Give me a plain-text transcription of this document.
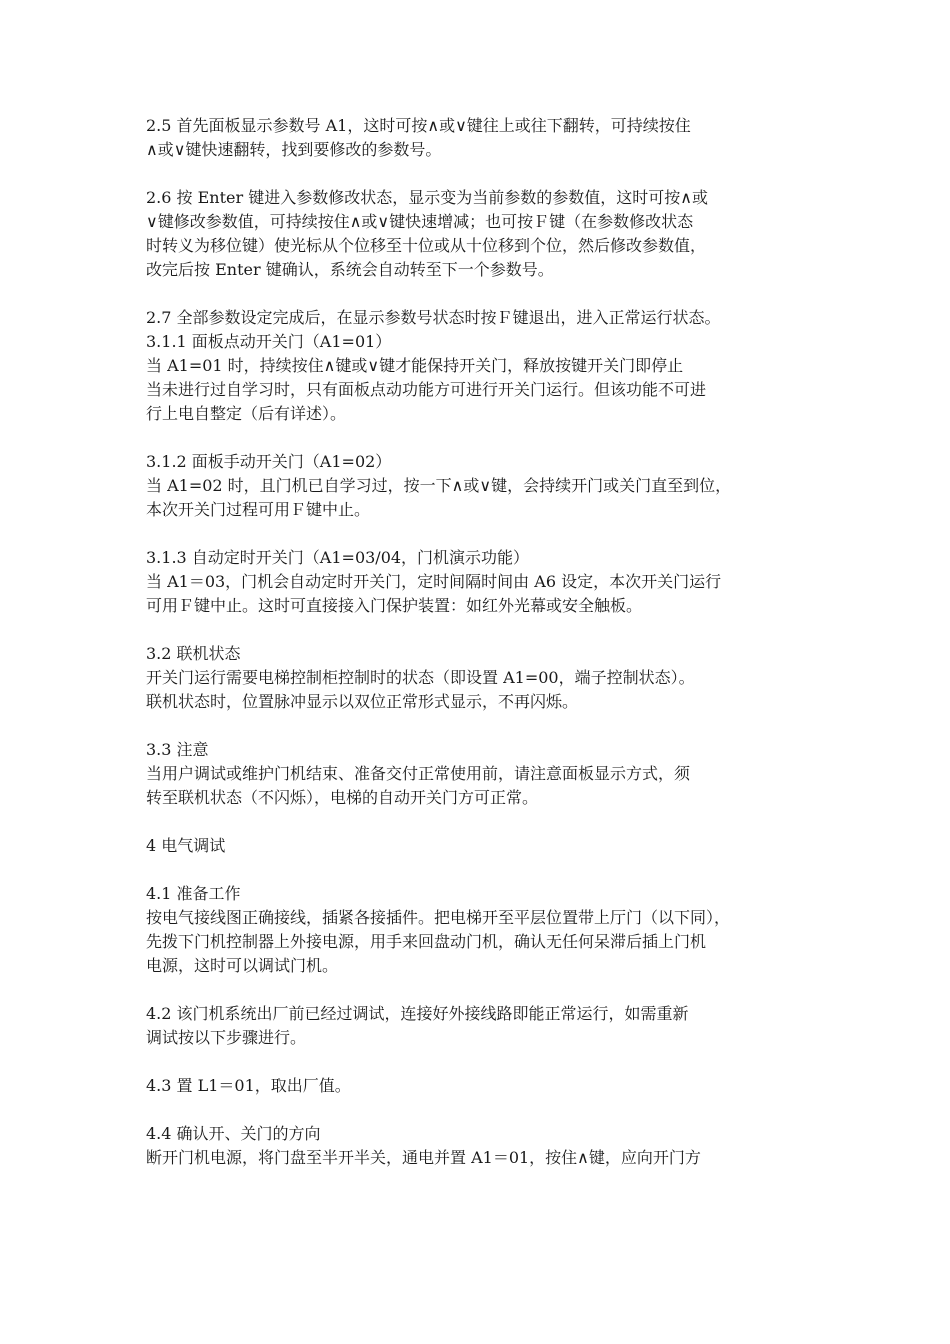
2.5 首先面板显示参数号 A1，这时可按∧或∨键往上或往下翻转，可持续按住
∧或∨键快速翻转，找到要修改的参数号。
2.6 按 Enter 键进入参数修改状态，显示变为当前参数的参数值，这时可按∧或
∨键修改参数值，可持续按住∧或∨键快速增减；也可按Ｆ键（在参数修改状态
时转义为移位键）使光标从个位移至十位或从十位移到个位，然后修改参数值，
改完后按 Enter 键确认，系统会自动转至下一个参数号。
2.7 全部参数设定完成后，在显示参数号状态时按Ｆ键退出，进入正常运行状态。
3.1.1 面板点动开关门（A1=01）
当 A1=01 时，持续按住∧键或∨键才能保持开关门，释放按键开关门即停止
当未进行过自学习时，只有面板点动功能方可进行开关门运行。但该功能不可进
行上电自整定（后有详述）。
3.1.2 面板手动开关门（A1=02）
当 A1=02 时，且门机已自学习过，按一下∧或∨键，会持续开门或关门直至到位，
本次开关门过程可用Ｆ键中止。
3.1.3 自动定时开关门（A1=03/04，门机演示功能）
当 A1＝03，门机会自动定时开关门，定时间隔时间由 A6 设定，本次开关门运行
可用Ｆ键中止。这时可直接接入门保护装置：如红外光幕或安全触板。
3.2 联机状态
开关门运行需要电梯控制柜控制时的状态（即设置 A1=00，端子控制状态）。
联机状态时，位置脉冲显示以双位正常形式显示，不再闪烁。
3.3 注意
当用户调试或维护门机结束、准备交付正常使用前，请注意面板显示方式，须
转至联机状态（不闪烁），电梯的自动开关门方可正常。
4 电气调试
4.1 准备工作
按电气接线图正确接线，插紧各接插件。把电梯开至平层位置带上厅门（以下同），
先拨下门机控制器上外接电源，用手来回盘动门机，确认无任何呆滞后插上门机
电源，这时可以调试门机。
4.2 该门机系统出厂前已经过调试，连接好外接线路即能正常运行，如需重新
调试按以下步骤进行。
4.3 置 L1＝01，取出厂值。
4.4 确认开、关门的方向
断开门机电源，将门盘至半开半关，通电并置 A1＝01，按住∧键，应向开门方
